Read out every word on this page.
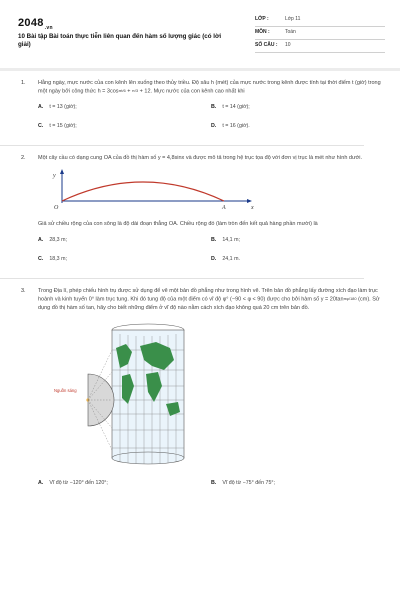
2048.vn
10 Bài tập Bài toán thực tiễn liên quan đến hàm số lượng giác (có lời giải)
LỚP :	Lớp 11
MÔN :	Toán
SỐ CÂU :	10
1. Hằng ngày, mực nước của con kênh lên xuống theo thủy triều. Độ sâu h (mét) của mực nước trong kênh được tính tại thời điểm t (giờ) trong một ngày bởi công thức h = 3cosπt/6 + π/3 + 12. Mực nước của con kênh cao nhất khi
A. t = 13 (giờ);	B. t = 14 (giờ);
C. t = 15 (giờ);	D. t = 16 (giờ).
2. Một cây cầu có dạng cung OA của đồ thị hàm số y = 4,8sinx và được mô tả trong hệ trục tọa độ với đơn vị trục là mét như hình dưới.
y
O	A	x
Giả sử chiều rộng của con sông là độ dài đoạn thẳng OA. Chiều rộng đó (làm tròn đến kết quả hàng phần mười) là
A. 28,3 m;	B. 14,1 m;
C. 18,3 m;	D. 24,1 m.
3. Trong Địa lí, phép chiếu hình trụ được sử dụng để vẽ một bản đồ phẳng như trong hình vẽ. Trên bản đồ phẳng lấy đường xích đạo làm trục hoành và kinh tuyến 0° làm trục tung. Khi đó tung độ của một điểm có vĩ độ φ° (−90 < φ < 90) được cho bởi hàm số y = 20tanπφ/180 (cm). Sử dụng đồ thị hàm số tan, hãy cho biết những điểm ở vĩ độ nào nằm cách xích đạo không quá 20 cm trên bản đồ.
Nguồn sáng
A. Vĩ độ từ −120° đến 120°;	B. Vĩ độ từ −75° đến 75°;
